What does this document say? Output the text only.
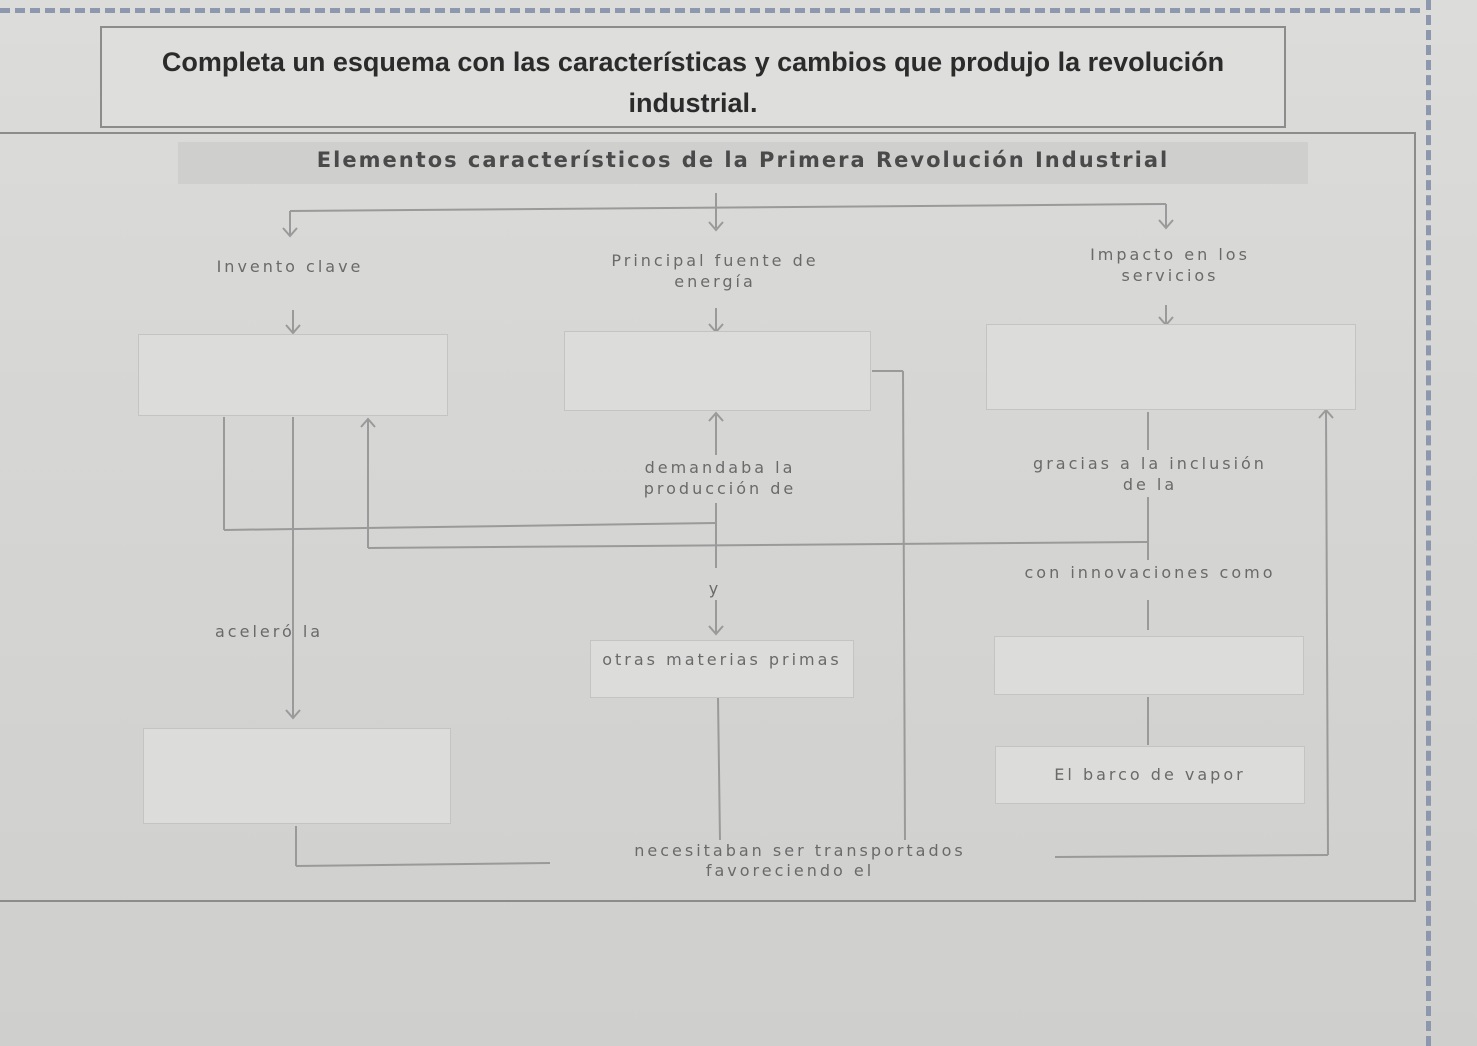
Completa un esquema con las características y cambios que produjo la revolución industrial.
Elementos característicos de la Primera Revolución Industrial
Invento clave	Principal fuente de energía
Impacto en los servicios
demandaba la producción de
y
gracias a la inclusión de la
con innovaciones como
aceleró la
necesitaban ser transportados
favoreciendo el
otras materias primas
El barco de vapor
